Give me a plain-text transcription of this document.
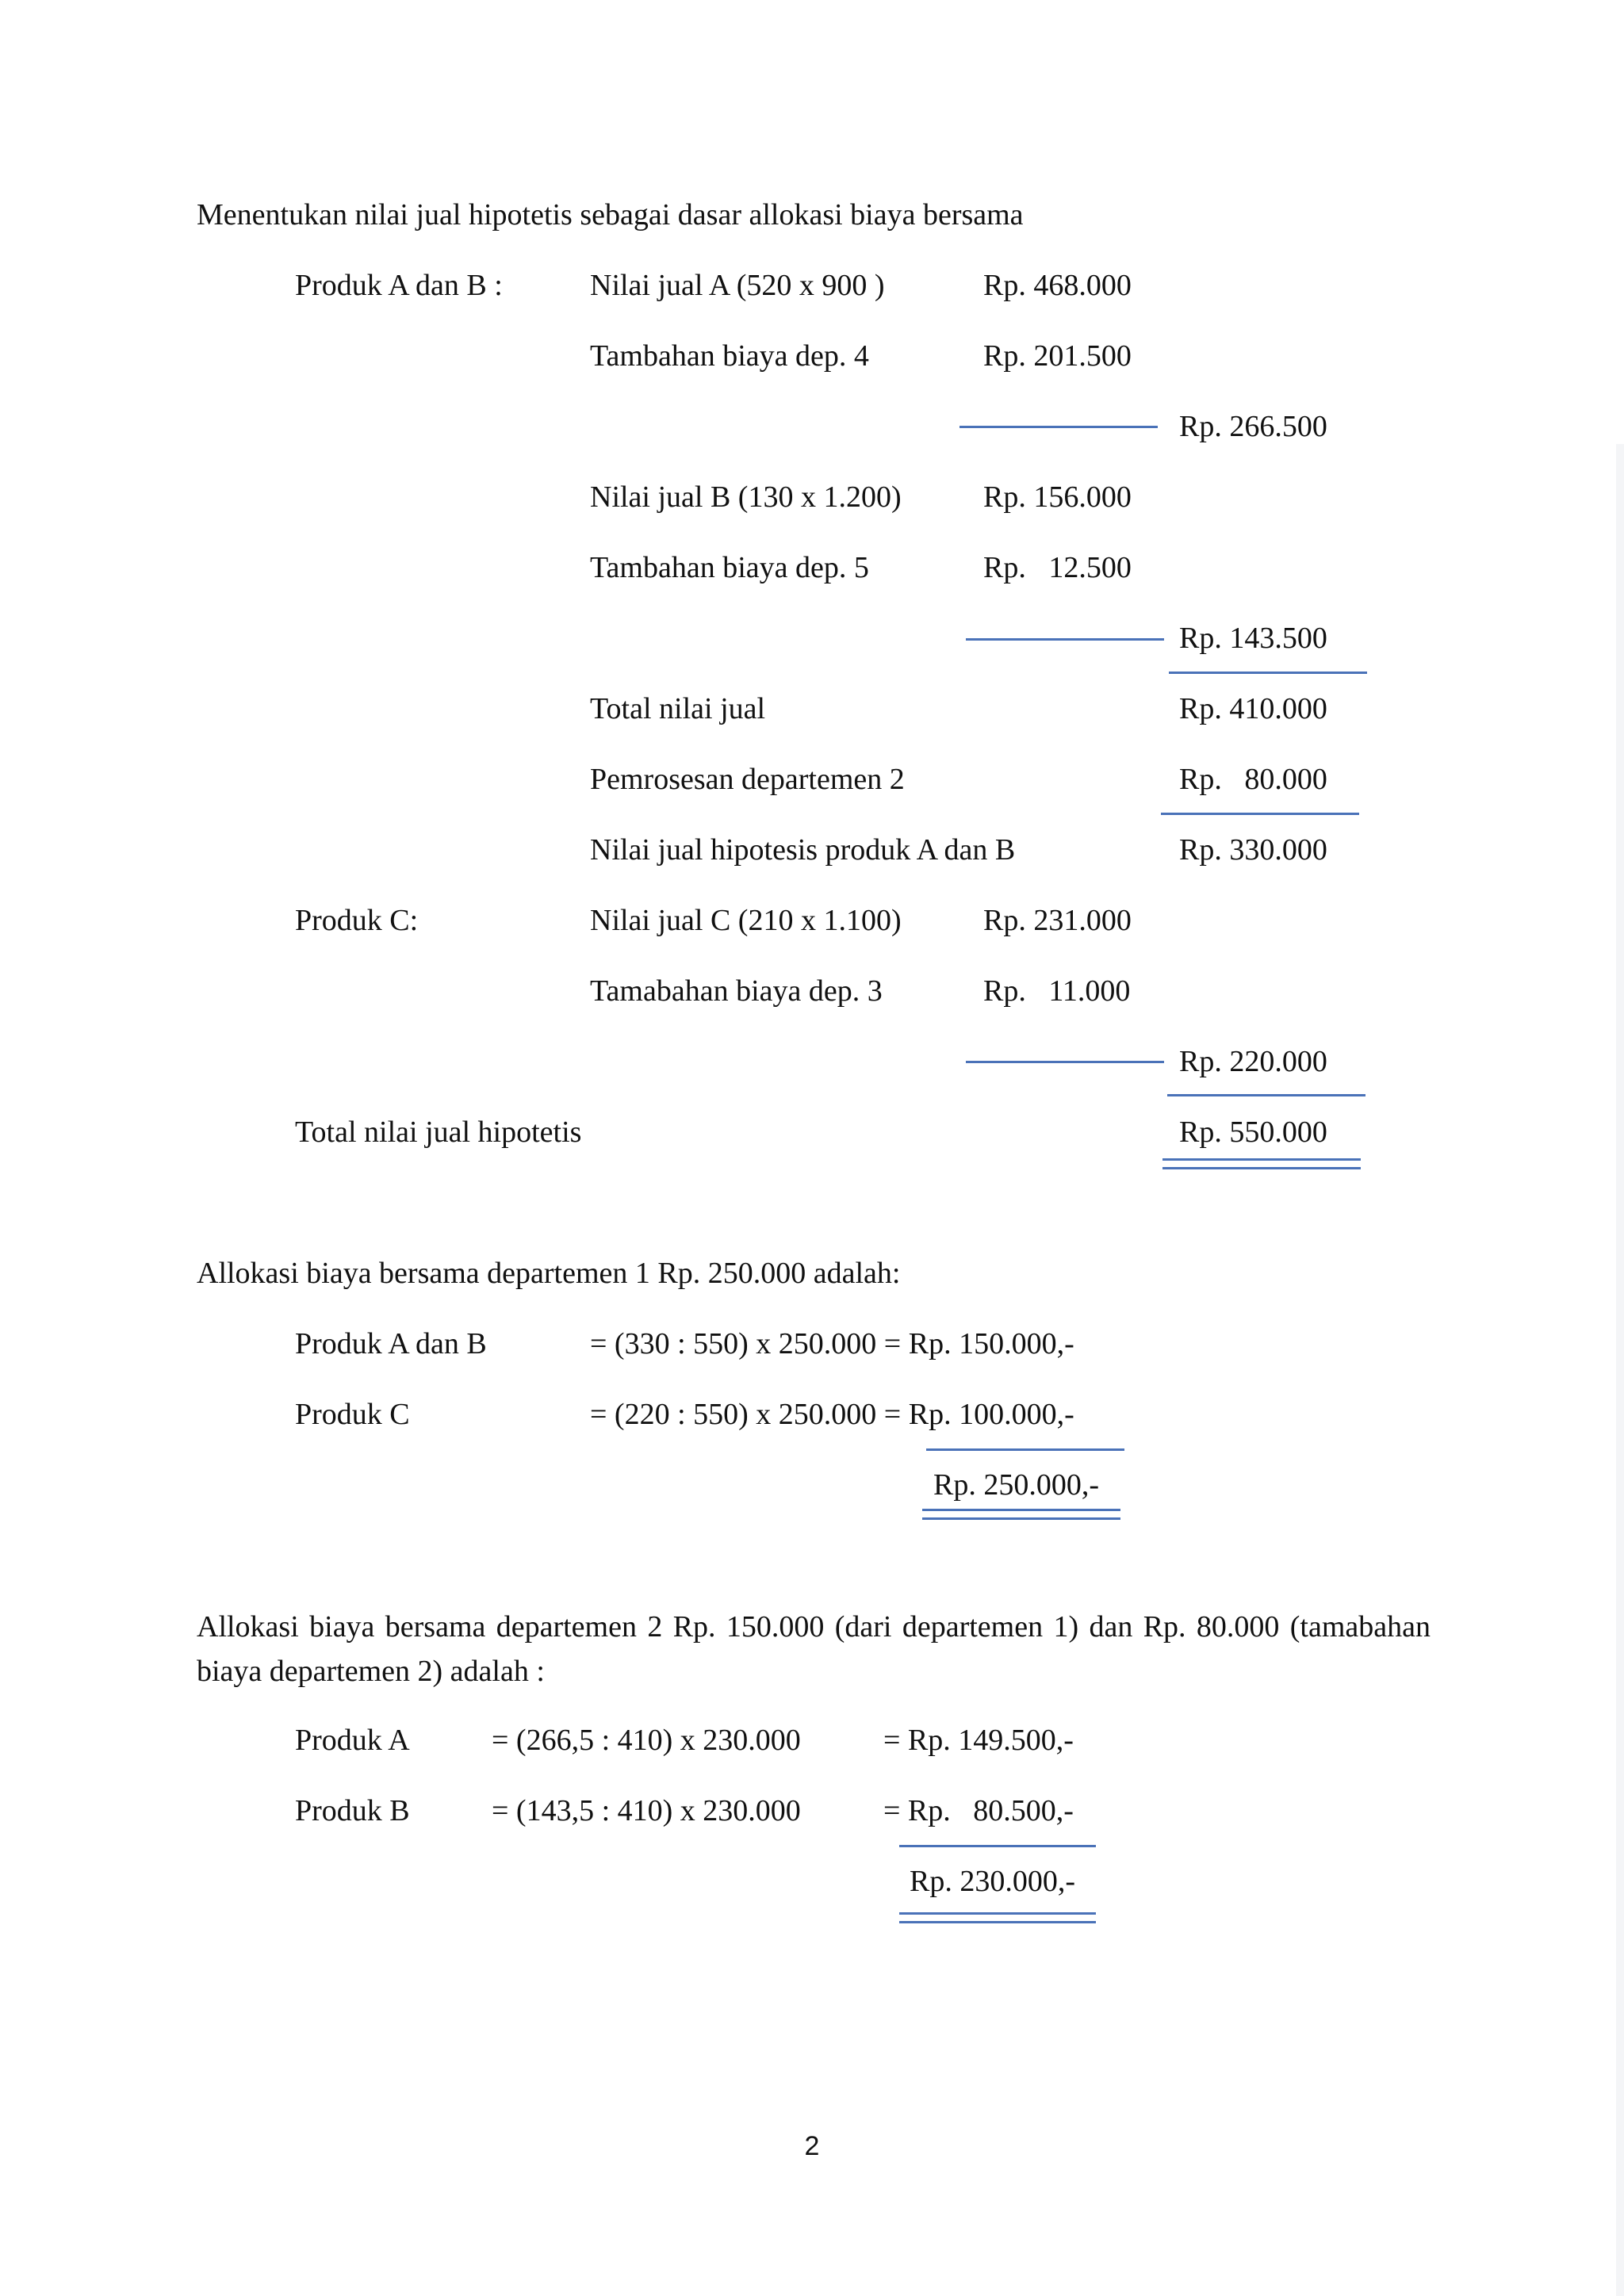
Menentukan nilai jual hipotetis sebagai dasar allokasi biaya bersama
Produk A dan B :	Nilai jual A (520 x 900 )	Rp. 468.000
Tambahan biaya dep. 4	Rp. 201.500
Rp. 266.500
Nilai jual B (130 x 1.200)	Rp. 156.000
Tambahan biaya dep. 5	Rp.   12.500
Rp. 143.500
Total nilai jual	Rp. 410.000
Pemrosesan departemen 2	Rp.   80.000
Nilai jual hipotesis produk A dan B	Rp. 330.000
Produk C:	Nilai jual C (210 x 1.100)	Rp. 231.000
Tamabahan biaya dep. 3	Rp.   11.000
Rp. 220.000
Total nilai jual hipotetis	Rp. 550.000
Allokasi biaya bersama departemen 1 Rp. 250.000 adalah:
Produk A dan B	= (330 : 550) x 250.000 = Rp. 150.000,-
Produk C	= (220 : 550) x 250.000 = Rp. 100.000,-
Rp. 250.000,-
Allokasi biaya bersama departemen 2 Rp. 150.000 (dari departemen 1) dan Rp. 80.000 (tamabahan biaya departemen 2) adalah :
Produk A	= (266,5 : 410) x 230.000	= Rp. 149.500,-
Produk B	= (143,5 : 410) x 230.000	= Rp.   80.500,-
Rp. 230.000,-
2
